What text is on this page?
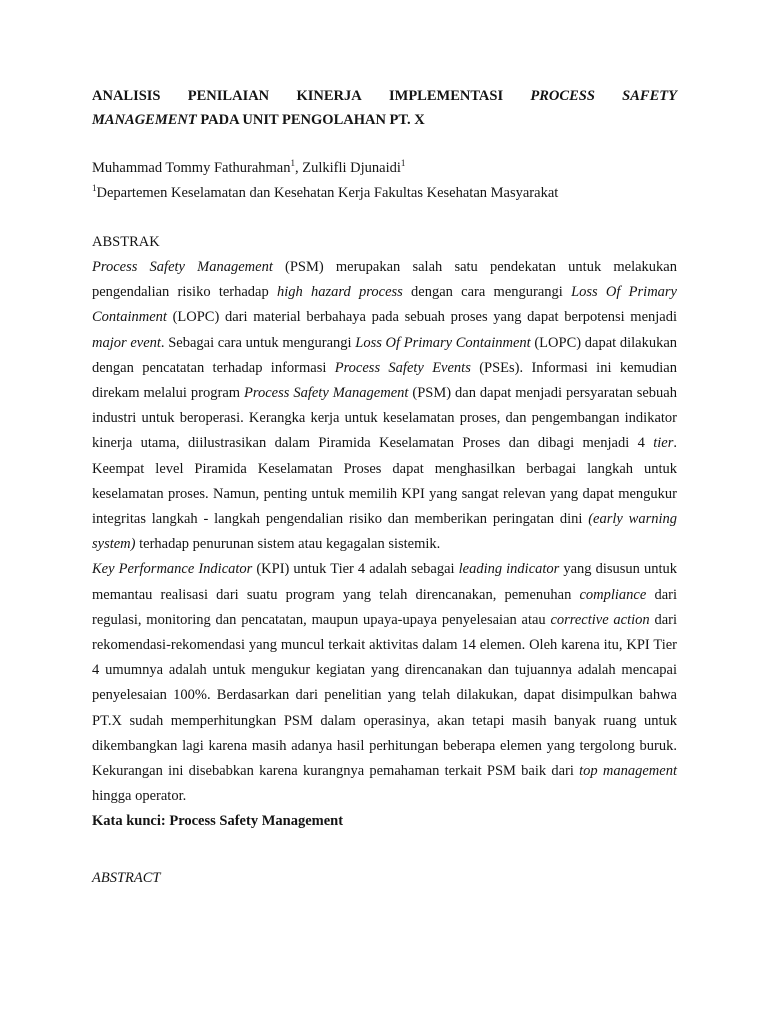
ANALISIS PENILAIAN KINERJA IMPLEMENTASI PROCESS SAFETY
MANAGEMENT PADA UNIT PENGOLAHAN PT. X
Muhammad Tommy Fathurahman$^1$, Zulkifli Djunaidi$^1$
$^1$Departemen Keselamatan dan Kesehatan Kerja Fakultas Kesehatan Masyarakat
ABSTRAK

Process Safety Management (PSM) merupakan salah satu pendekatan untuk melakukan pengendalian risiko terhadap high hazard process dengan cara mengurangi Loss Of Primary Containment (LOPC) dari material berbahaya pada sebuah proses yang dapat berpotensi menjadi major event. Sebagai cara untuk mengurangi Loss Of Primary Containment (LOPC) dapat dilakukan dengan pencatatan terhadap informasi Process Safety Events (PSEs). Informasi ini kemudian direkam melalui program Process Safety Management (PSM) dan dapat menjadi persyaratan sebuah industri untuk beroperasi. Kerangka kerja untuk keselamatan proses, dan pengembangan indikator kinerja utama, diilustrasikan dalam Piramida Keselamatan Proses dan dibagi menjadi 4 tier. Keempat level Piramida Keselamatan Proses dapat menghasilkan berbagai langkah untuk keselamatan proses. Namun, penting untuk memilih KPI yang sangat relevan yang dapat mengukur integritas langkah - langkah pengendalian risiko dan memberikan peringatan dini (early warning system) terhadap penurunan sistem atau kegagalan sistemik.

Key Performance Indicator (KPI) untuk Tier 4 adalah sebagai leading indicator yang disusun untuk memantau realisasi dari suatu program yang telah direncanakan, pemenuhan compliance dari regulasi, monitoring dan pencatatan, maupun upaya-upaya penyelesaian atau corrective action dari rekomendasi-rekomendasi yang muncul terkait aktivitas dalam 14 elemen. Oleh karena itu, KPI Tier 4 umumnya adalah untuk mengukur kegiatan yang direncanakan dan tujuannya adalah mencapai penyelesaian 100%. Berdasarkan dari penelitian yang telah dilakukan, dapat disimpulkan bahwa PT.X sudah memperhitungkan PSM dalam operasinya, akan tetapi masih banyak ruang untuk dikembangkan lagi karena masih adanya hasil perhitungan beberapa elemen yang tergolong buruk. Kekurangan ini disebabkan karena kurangnya pemahaman terkait PSM baik dari top management hingga operator.

Kata kunci: Process Safety Management

ABSTRACT
